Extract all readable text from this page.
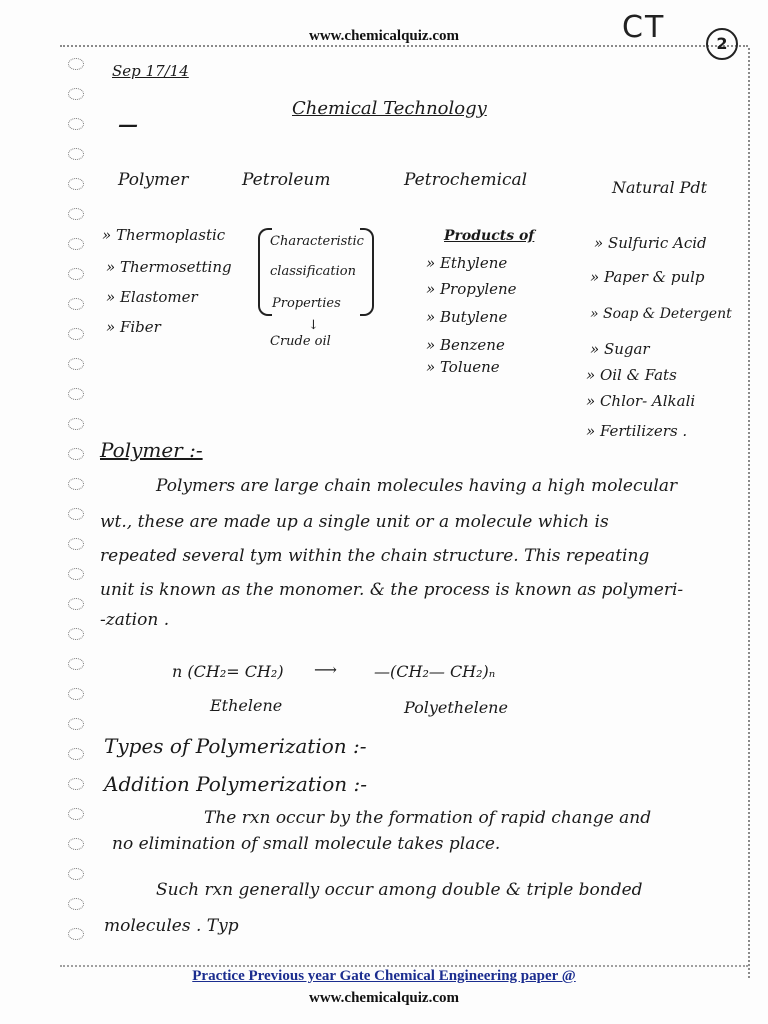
www.chemicalquiz.com	CT	2
Sep 17/14
—
Chemical Technology
Polymer
» Thermoplastic
» Thermosetting
» Elastomer
» Fiber
Petroleum
Characteristic
classification
Properties
↓
Crude oil
Petrochemical
Products of
» Ethylene
» Propylene
» Butylene
» Benzene
» Toluene
Natural Pdt
» Sulfuric Acid
» Paper & pulp
» Soap & Detergent
» Sugar
» Oil & Fats
» Chlor- Alkali
» Fertilizers .
Polymer :-
Polymers are large chain molecules having a high molecular
wt., these are made up a single unit or a molecule which is
repeated several tym within the chain structure. This repeating
unit is known as the monomer. & the process is known as polymeri-
-zation .
n (CH₂= CH₂) ⟶ —(CH₂— CH₂)ₙ
Ethelene	Polyethelene
Types of Polymerization :-
Addition Polymerization :-
The rxn occur by the formation of rapid change and
no elimination of small molecule takes place.
Such rxn generally occur among double & triple bonded
molecules . Typ
Practice Previous year Gate Chemical Engineering paper @
www.chemicalquiz.com
